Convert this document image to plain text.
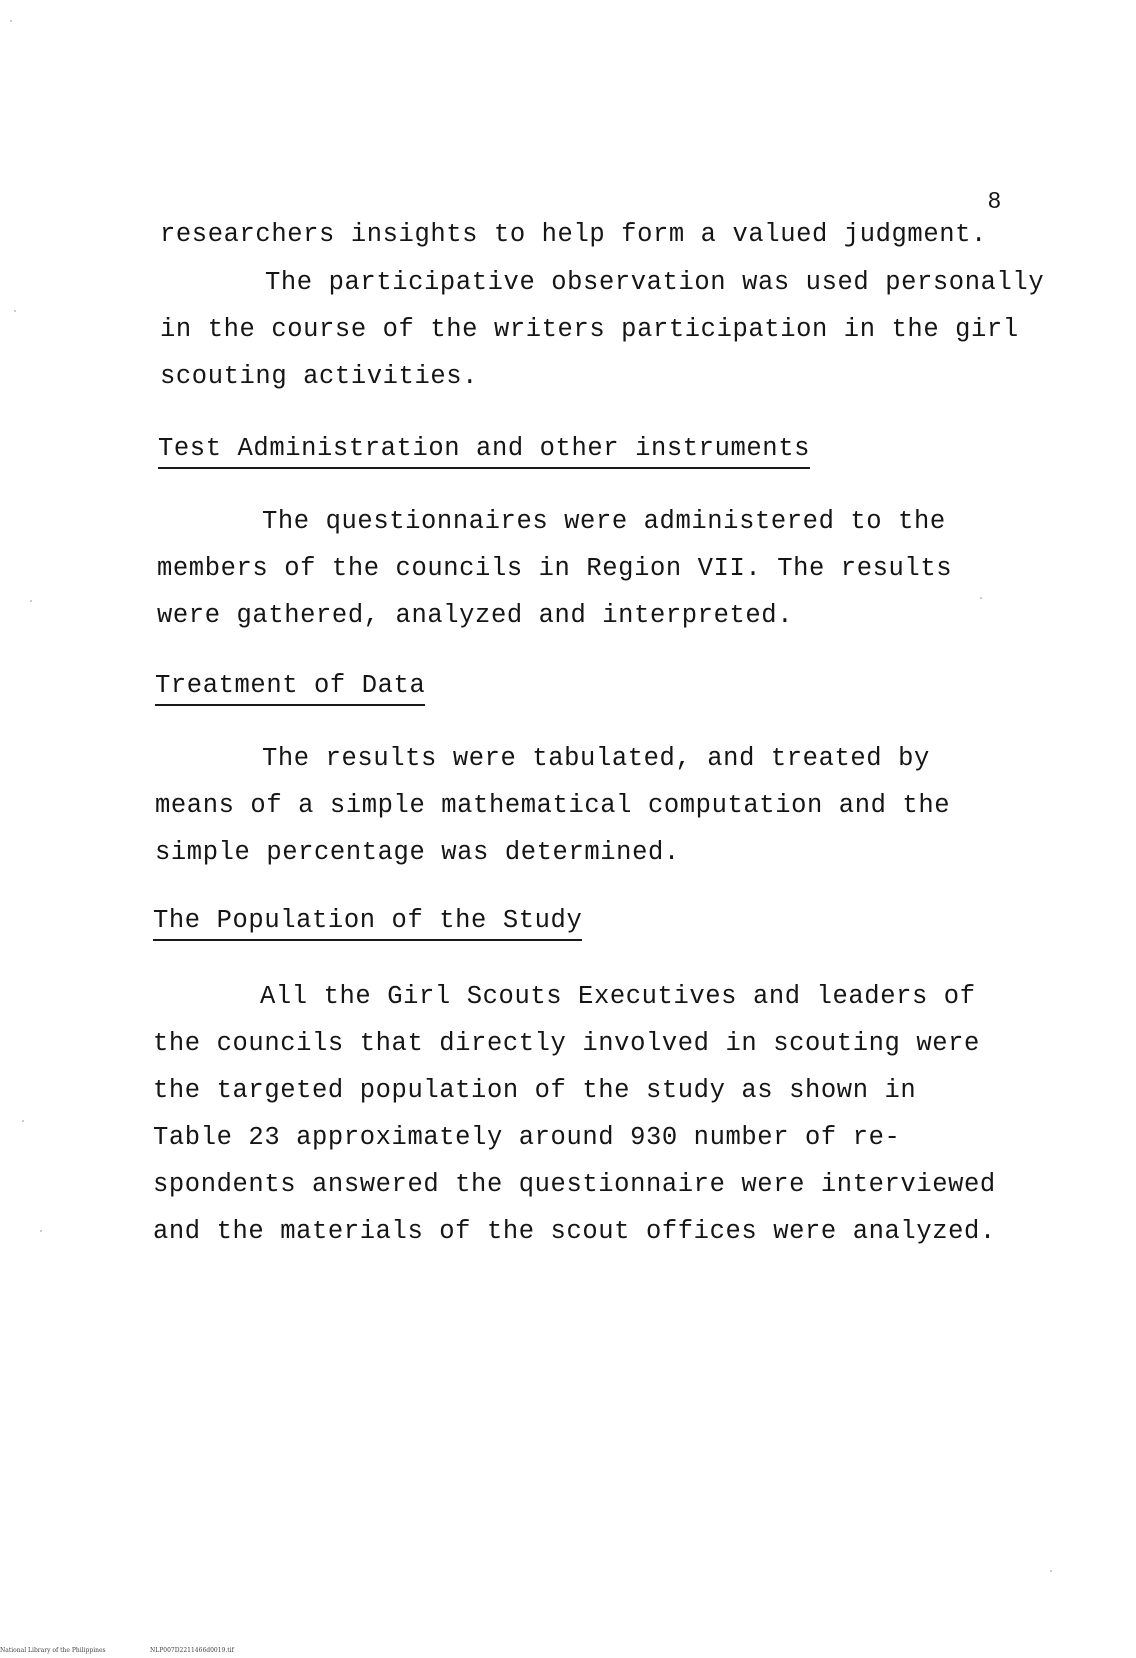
8
researchers insights to help form a valued judgment.
The participative observation was used personally
in the course of the writers participation in the girl
scouting activities.
Test Administration and other instruments
The questionnaires were administered to the
members of the councils in Region VII. The results
were gathered, analyzed and interpreted.
Treatment of Data
The results were tabulated, and treated by
means of a simple mathematical computation and the
simple percentage was determined.
The Population of the Study
All the Girl Scouts Executives and leaders of
the councils that directly involved in scouting were
the targeted population of the study as shown in
Table 23 approximately around 930 number of re-
spondents answered the questionnaire were interviewed
and the materials of the scout offices were analyzed.
National Library of the Philippines	NLP007D2211466d0019.tif
